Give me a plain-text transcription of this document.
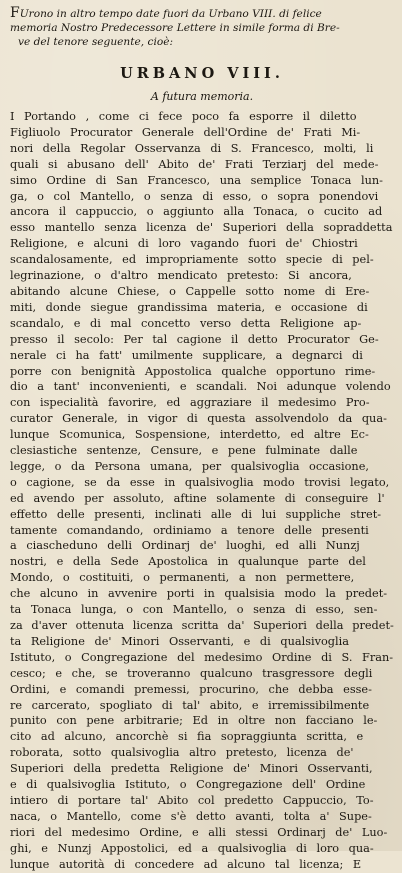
FUrono in altro tempo date fuori da Urbano VIII. di felice
memoria Nostro Predecessore Lettere in simile forma di Bre-
ve del tenore seguente, cioè:
URBANO VIII.
A futura memoria.
I Portando , come ci fece poco fa esporre il diletto
Figliuolo Procurator Generale dell'Ordine de' Frati Mi-
nori della Regolar Osservanza di S. Francesco, molti, li
quali si abusano dell' Abito de' Frati Terziarj del mede-
simo Ordine di San Francesco, una semplice Tonaca lun-
ga, o col Mantello, o senza di esso, o sopra ponendovi
ancora il cappuccio, o aggiunto alla Tonaca, o cucito ad
esso mantello senza licenza de' Superiori della sopraddetta
Religione, e alcuni di loro vagando fuori de' Chiostri
scandalosamente, ed impropriamente sotto specie di pel-
legrinazione, o d'altro mendicato pretesto: Si ancora,
abitando alcune Chiese, o Cappelle sotto nome di Ere-
miti, donde siegue grandissima materia, e occasione di
scandalo, e di mal concetto verso detta Religione ap-
presso il secolo: Per tal cagione il detto Procurator Ge-
nerale ci ha fatt' umilmente supplicare, a degnarci di
porre con benignità Appostolica qualche opportuno rime-
dio a tant' inconvenienti, e scandali. Noi adunque volendo
con ispecialità favorire, ed aggraziare il medesimo Pro-
curator Generale, in vigor di questa assolvendolo da qua-
lunque Scomunica, Sospensione, interdetto, ed altre Ec-
clesiastiche sentenze, Censure, e pene fulminate dalle
legge, o da Persona umana, per qualsivoglia occasione,
o cagione, se da esse in qualsivoglia modo trovisi legato,
ed avendo per assoluto, aftine solamente di conseguire l'
effetto delle presenti, inclinati alle di lui suppliche stret-
tamente comandando, ordiniamo a tenore delle presenti
a ciascheduno delli Ordinarj de' luoghi, ed alli Nunzj
nostri, e della Sede Apostolica in qualunque parte del
Mondo, o costituiti, o permanenti, a non permettere,
che alcuno in avvenire porti in qualsisia modo la predet-
ta Tonaca lunga, o con Mantello, o senza di esso, sen-
za d'aver ottenuta licenza scritta da' Superiori della predet-
ta Religione de' Minori Osservanti, e di qualsivoglia
Istituto, o Congregazione del medesimo Ordine di S. Fran-
cesco; e che, se troveranno qualcuno trasgressore degli
Ordini, e comandi premessi, procurino, che debba esse-
re carcerato, spogliato di tal' abito, e irremissibilmente
punito con pene arbitrarie; Ed in oltre non facciano le-
cito ad alcuno, ancorchè si fia sopraggiunta scritta, e
roborata, sotto qualsivoglia altro pretesto, licenza de'
Superiori della predetta Religione de' Minori Osservanti,
e di qualsivoglia Istituto, o Congregazione dell' Ordine
intiero di portare tal' Abito col predetto Cappuccio, To-
naca, o Mantello, come s'è detto avanti, tolta a' Supe-
riori del medesimo Ordine, e alli stessi Ordinarj de' Luo-
ghi, e Nunzj Appostolici, ed a qualsivoglia di loro qua-
lunque autorità di concedere ad alcuno tal licenza; E
